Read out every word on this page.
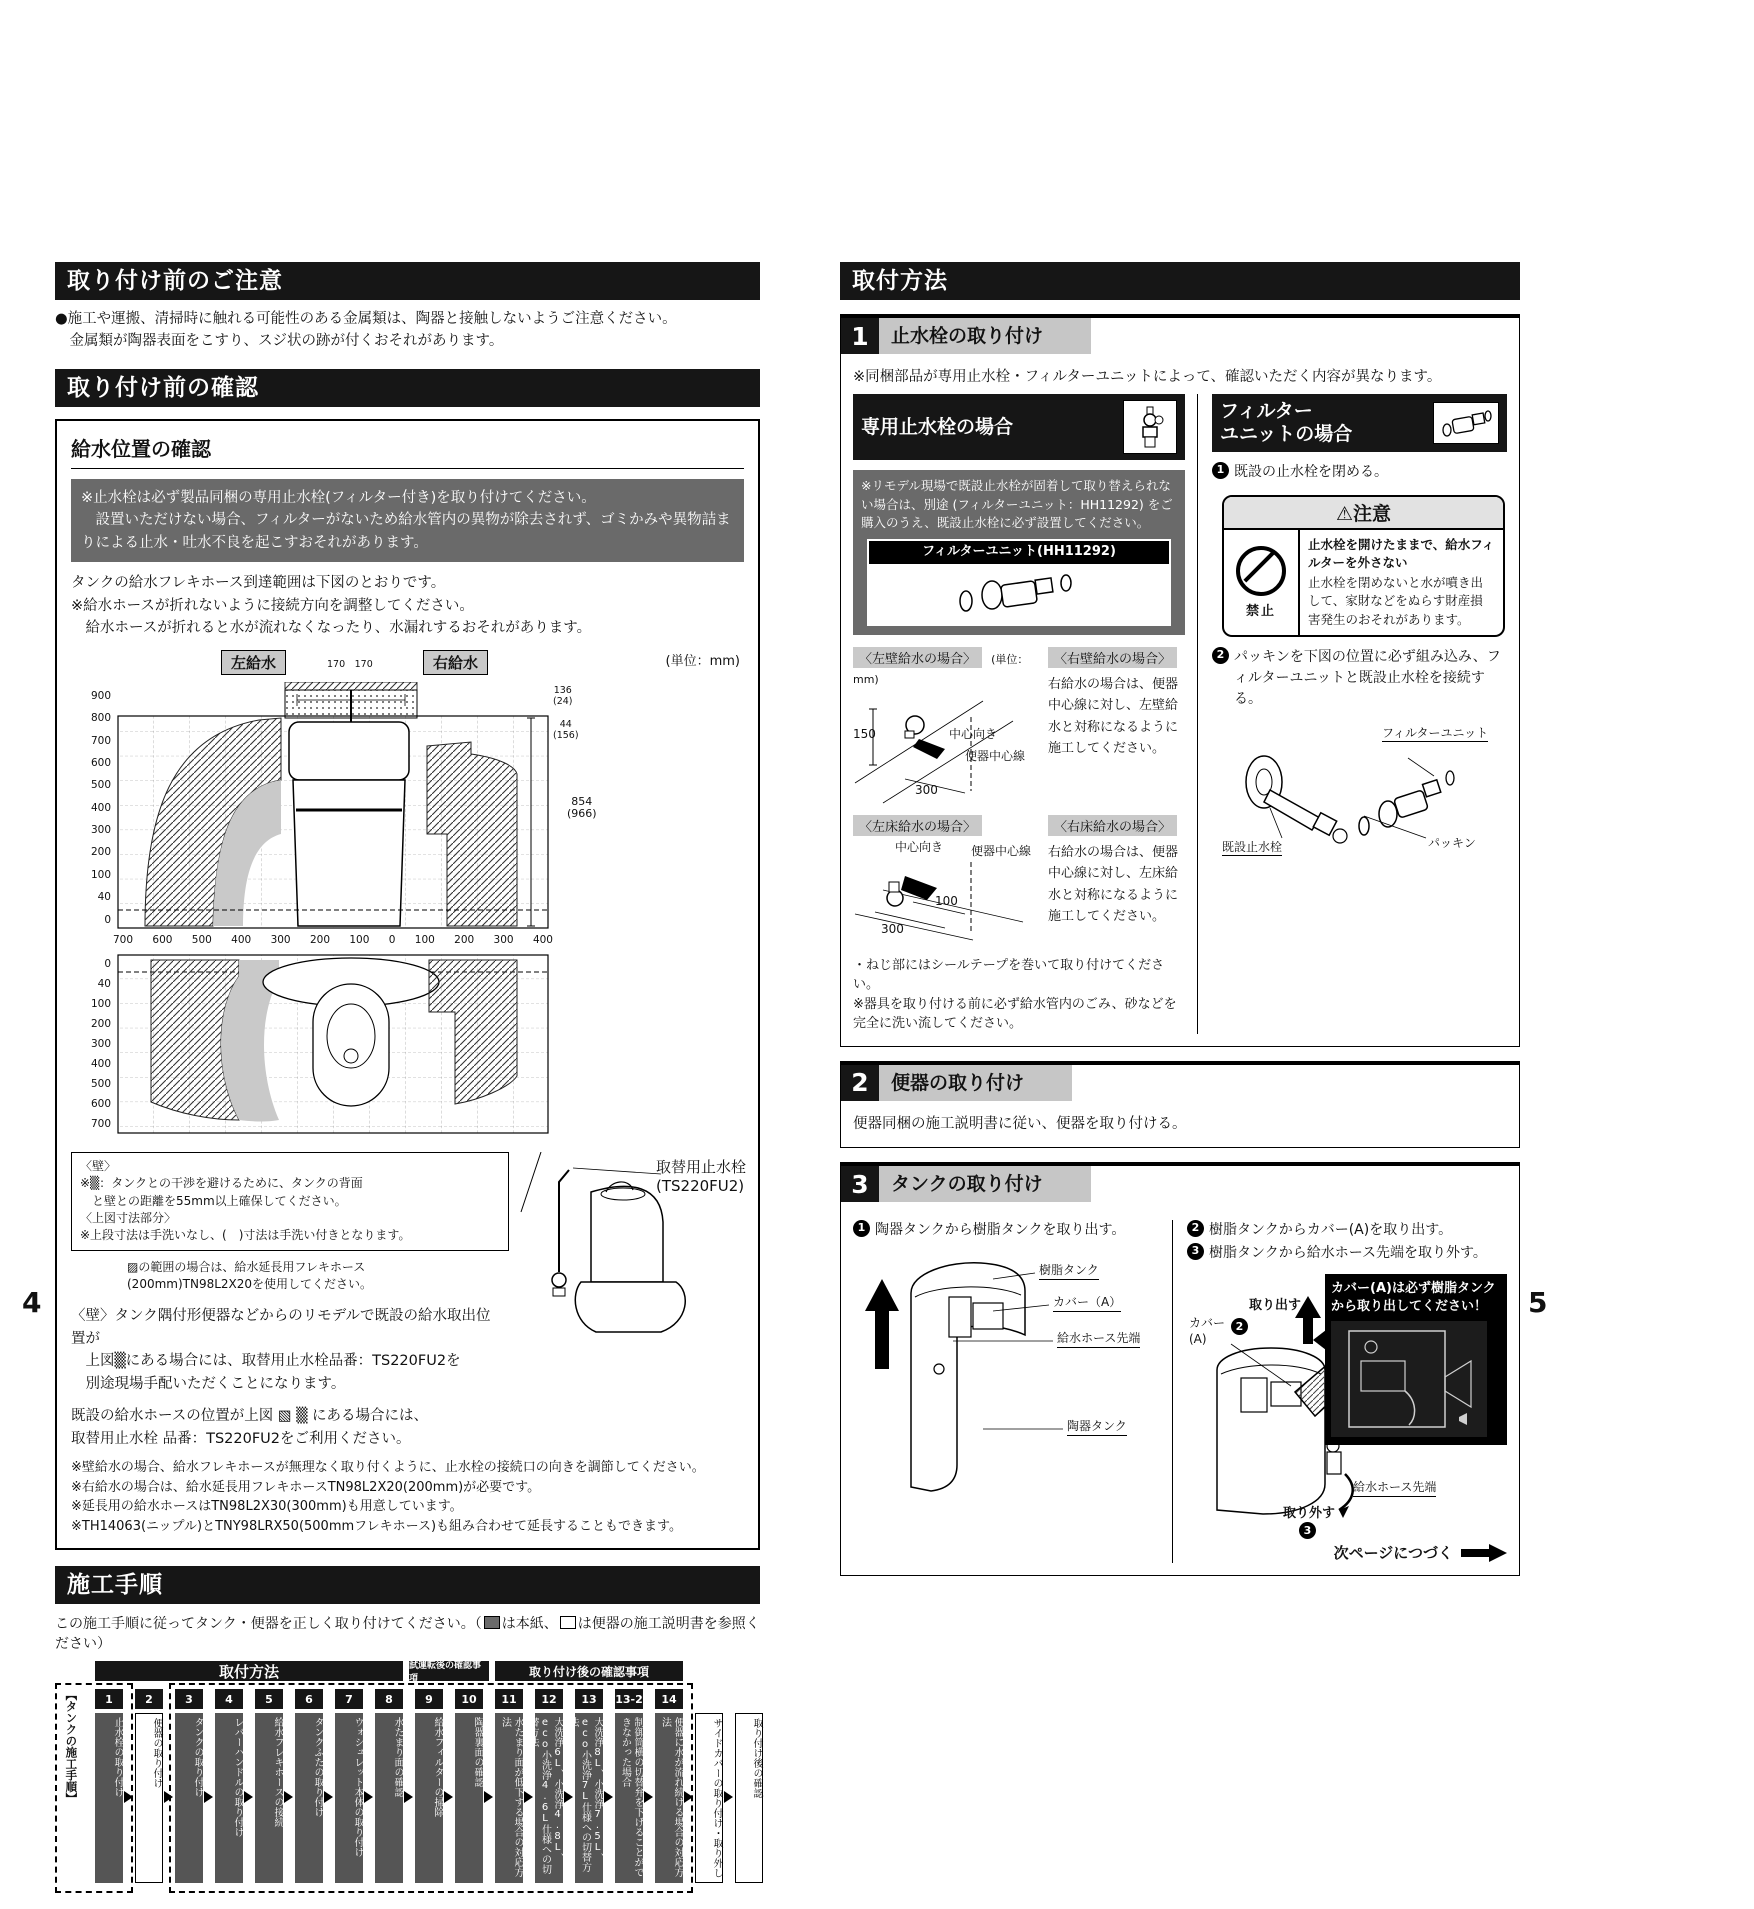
取り付け前のご注意
●施工や運搬、清掃時に触れる可能性のある金属類は、陶器と接触しないようご注意ください。
　金属類が陶器表面をこすり、スジ状の跡が付くおそれがあります。
取り付け前の確認
給水位置の確認
※止水栓は必ず製品同梱の専用止水栓(フィルター付き)を取り付けてください。
　設置いただけない場合、フィルターがないため給水管内の異物が除去されず、ゴミかみや異物詰まりによる止水・吐水不良を起こすおそれがあります。
タンクの給水フレキホース到達範囲は下図のとおりです。
※給水ホースが折れないように接続方向を調整してください。
　給水ホースが折れると水が流れなくなったり、水漏れするおそれがあります。
左給水	右給水
170　170	(単位：mm)
900
800
700
600
500
400
300
200
100
40
0
136
(24)
44
(156)
854
(966)
700 600 500 400 300 200 100 0 100 200 300 400
0
40
100
200
300
400
500
600
700
〈壁〉
※▒：タンクとの干渉を避けるために、タンクの背面
　と壁との距離を55mm以上確保してください。
〈上図寸法部分〉
※上段寸法は手洗いなし、(　)寸法は手洗い付きとなります。
▨の範囲の場合は、給水延長用フレキホース
(200mm)TN98L2X20を使用してください。
〈壁〉タンク隅付形便器などからのリモデルで既設の給水取出位置が
　上図▒にある場合には、取替用止水栓品番：TS220FU2を
　別途現場手配いただくことになります。
既設の給水ホースの位置が上図 ▧ ▒ にある場合には、
取替用止水栓 品番：TS220FU2をご利用ください。
取替用止水栓
(TS220FU2)
※壁給水の場合、給水フレキホースが無理なく取り付くように、止水栓の接続口の向きを調節してください。
※右給水の場合は、給水延長用フレキホースTN98L2X20(200mm)が必要です。
※延長用の給水ホースはTN98L2X30(300mm)も用意しています。
※TH14063(ニップル)とTNY98LRX50(500mmフレキホース)も組み合わせて延長することもできます。
施工手順
この施工手順に従ってタンク・便器を正しく取り付けてください。（ は本紙、 は便器の施工説明書を参照ください）
取付方法	試運転後の確認事項
取り付け後の確認事項
【タンクの施工手順】	1
止水栓の取り付け
2
便器の取り付け
3
タンクの取り付け
4
レバーハンドルの取り付け
5
給水フレキホースの接続
6
タンクふたの取り付け
7
ウォシュレット本体の取り付け
8
水たまり面の確認
9
給水フィルターの掃除
10
陶器裏面の確認
11
水たまり面が低下する場合の対応方法
12
大洗浄6L、小洗浄4.8L、eco小洗浄4.6L仕様への切替方法
13
大洗浄8L、小洗浄7.5L、eco小洗浄7L仕様への切替方法
13-2
制御筒横の切替弁を下げることができなかった場合
14
便器に水が流れ続ける場合の対応方法	サイドカバーの取り付け・取り外し	取り付け後の確認
取付方法
1	止水栓の取り付け
※同梱部品が専用止水栓・フィルターユニットによって、確認いただく内容が異なります。
専用止水栓の場合
※リモデル現場で既設止水栓が固着して取り替えられない場合は、別途 (フィルターユニット：HH11292) をご購入のうえ、既設止水栓に必ず設置してください。
フィルターユニット(HH11292)
〈左壁給水の場合〉 (単位：mm)
150	中心向き
便器中心線
300
〈右壁給水の場合〉
右給水の場合は、便器中心線に対し、左壁給水と対称になるように施工してください。
〈左床給水の場合〉
中心向き 便器中心線
100
300
〈右床給水の場合〉
右給水の場合は、便器中心線に対し、左床給水と対称になるように施工してください。
・ねじ部にはシールテープを巻いて取り付けてください。
※器具を取り付ける前に必ず給水管内のごみ、砂などを完全に洗い流してください。
フィルター
ユニットの場合
1 既設の止水栓を閉める。
⚠注意
禁止
止水栓を開けたままで、給水フィルターを外さない
止水栓を閉めないと水が噴き出して、家財などをぬらす財産損害発生のおそれがあります。
2 パッキンを下図の位置に必ず組み込み、フィルターユニットと既設止水栓を接続する。
フィルターユニット
パッキン
既設止水栓
2	便器の取り付け
便器同梱の施工説明書に従い、便器を取り付ける。
3	タンクの取り付け
1 陶器タンクから樹脂タンクを取り出す。
樹脂タンク
カバー（A）
給水ホース先端
陶器タンク
2 樹脂タンクからカバー(A)を取り出す。
3 樹脂タンクから給水ホース先端を取り外す。
カバー
(A)
取り出す
2
取り外す
3
給水ホース先端
カバー(A)は必ず樹脂タンク
から取り出してください！
次ページにつづく
4	5
